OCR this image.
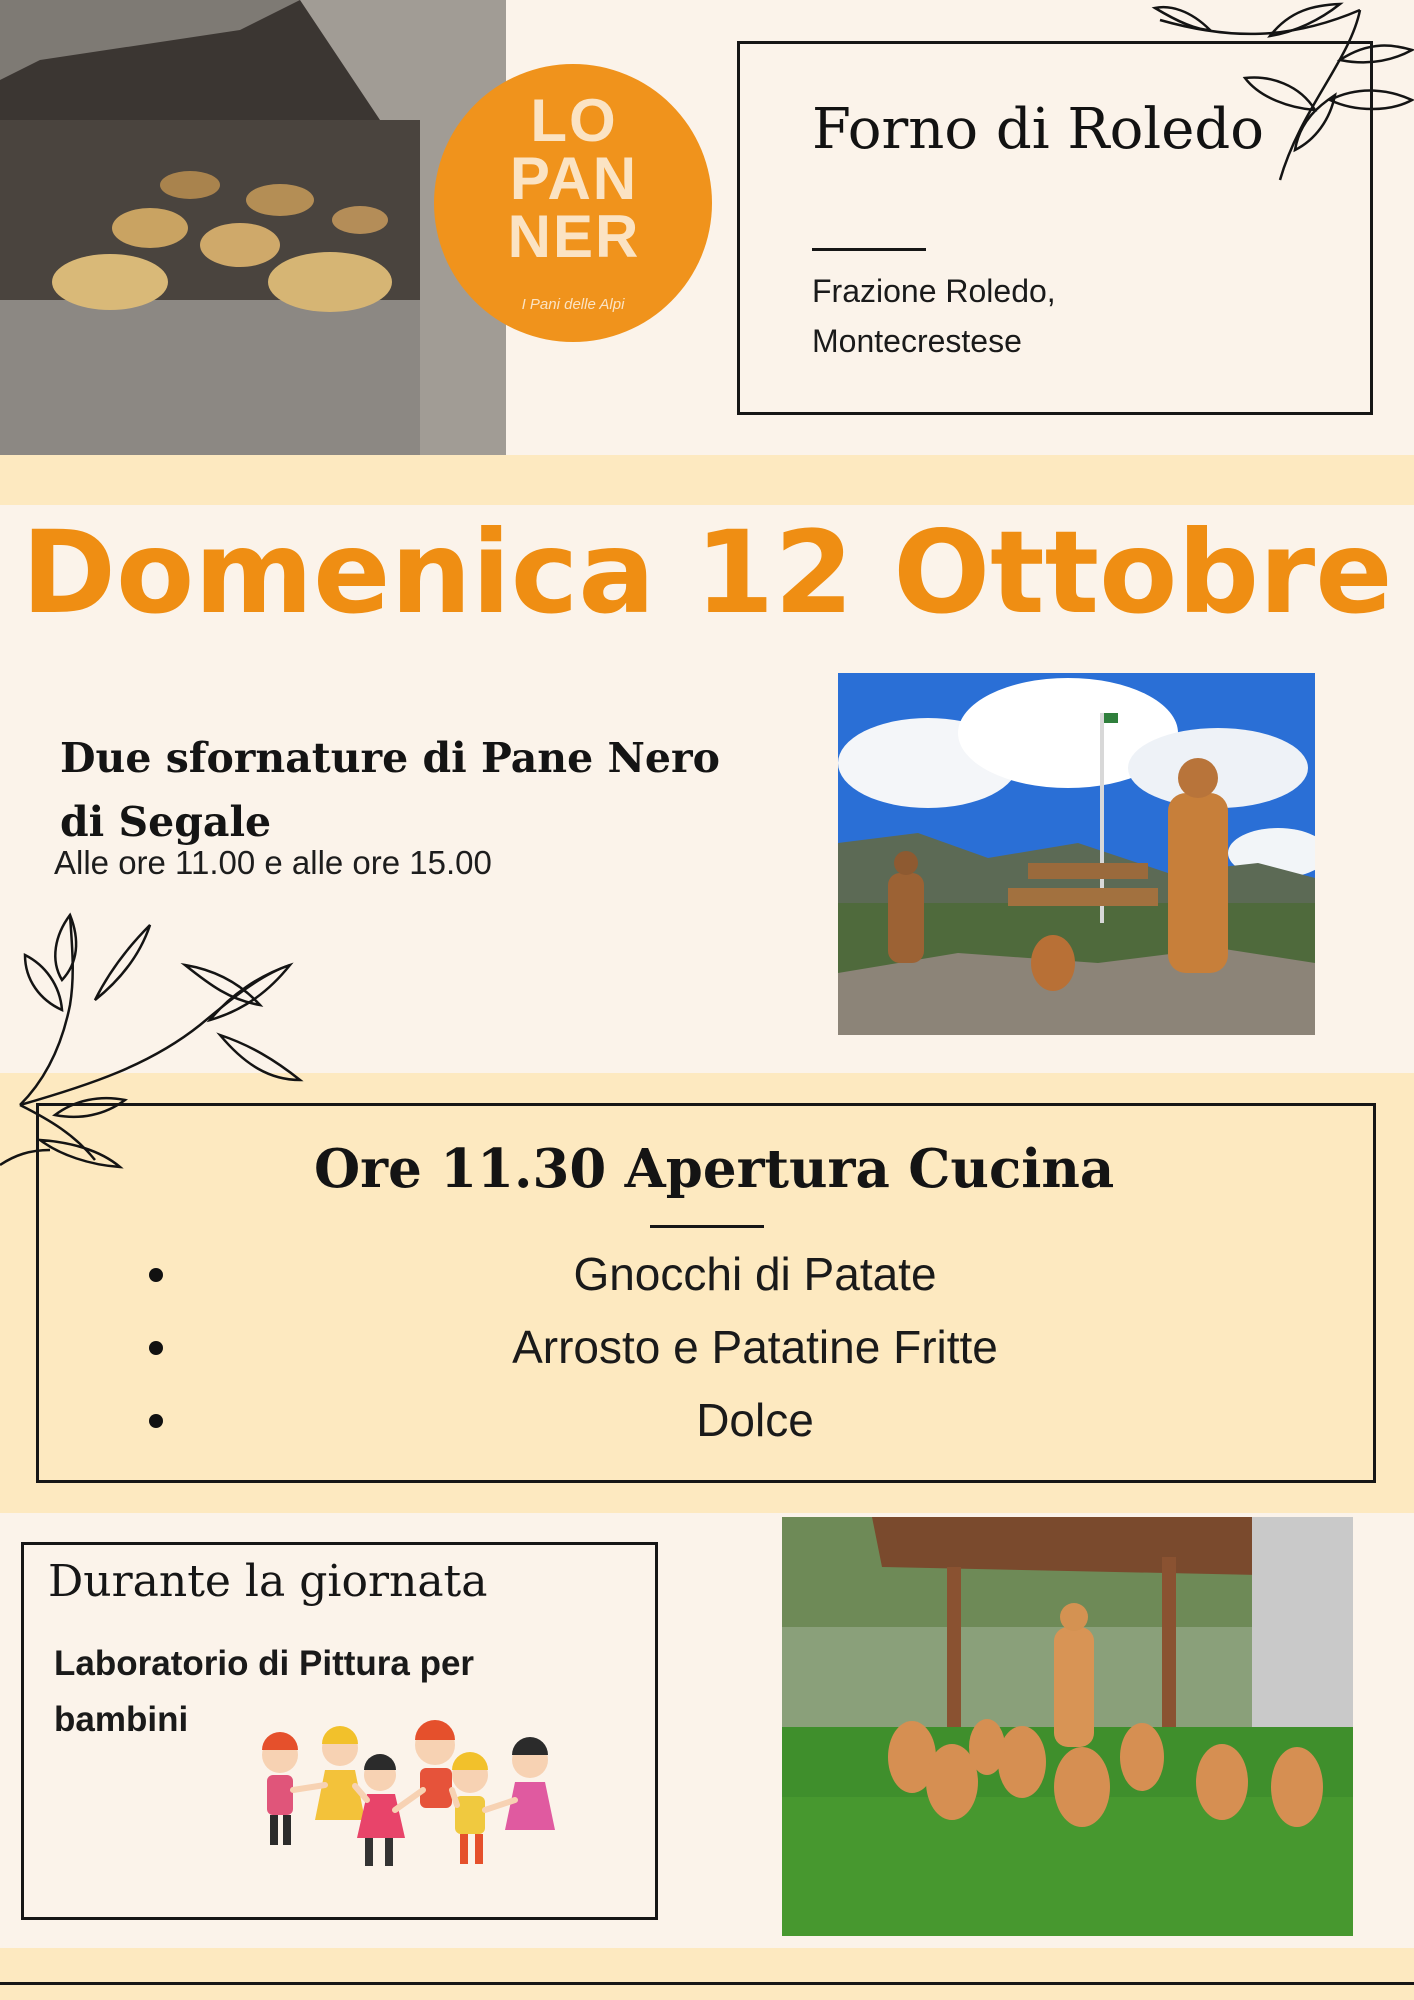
LO
PAN
NER
I Pani delle Alpi
Forno di Roledo
Frazione Roledo, Montecrestese
Domenica 12 Ottobre
Due sfornature di Pane Nero di Segale
Alle ore 11.00 e alle ore 15.00
Ore 11.30 Apertura Cucina
Gnocchi di Patate
Arrosto e Patatine Fritte
Dolce
Durante la giornata
Laboratorio di Pittura per bambini
